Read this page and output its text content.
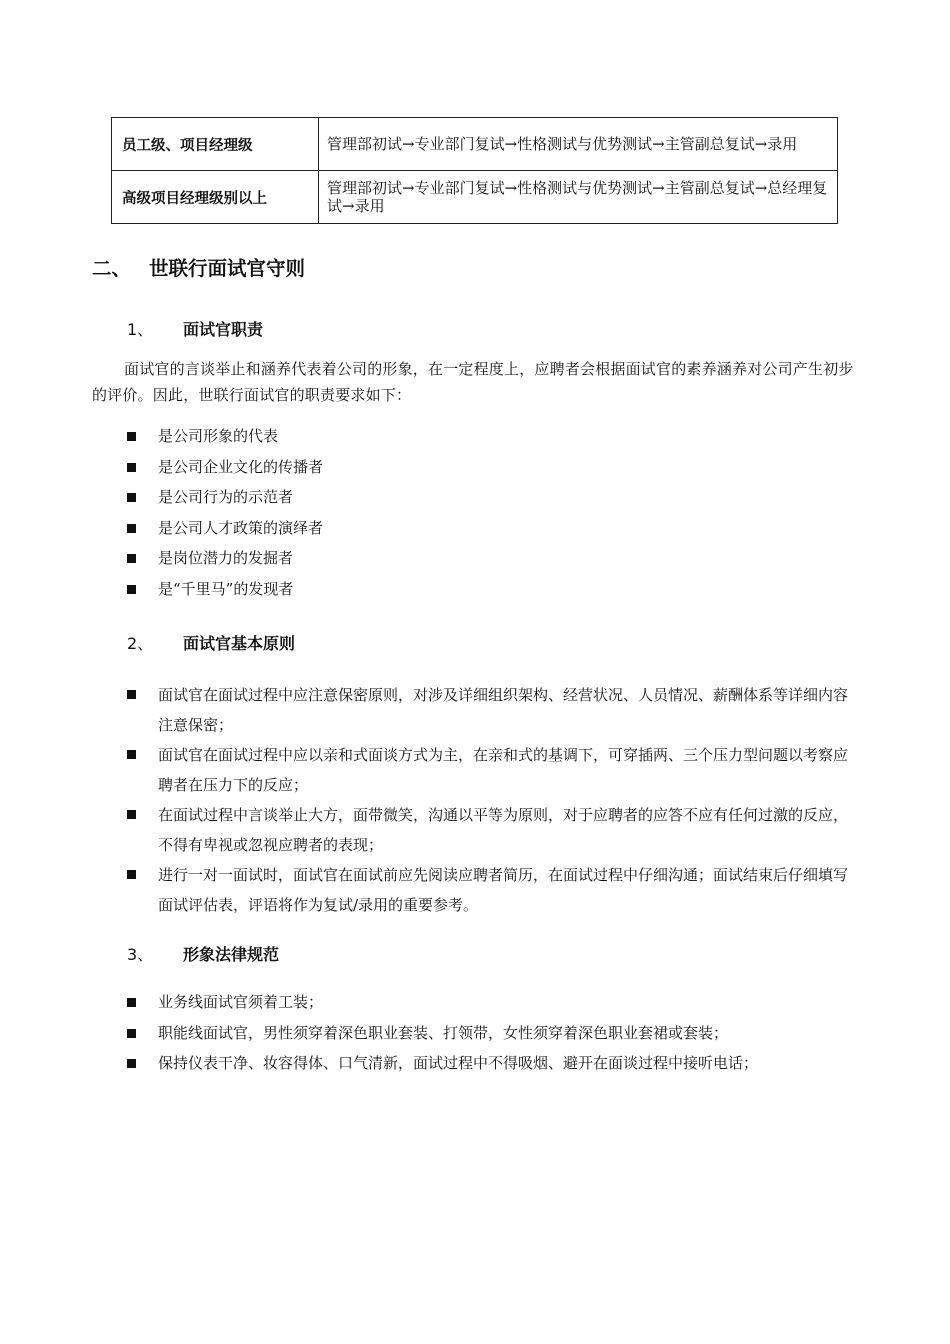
员工级、项目经理级	管理部初试→专业部门复试→性格测试与优势测试→主管副总复试→录用
高级项目经理级别以上	管理部初试→专业部门复试→性格测试与优势测试→主管副总复试→总经理复试→录用
二、 世联行面试官守则
1、 面试官职责

面试官的言谈举止和涵养代表着公司的形象，在一定程度上，应聘者会根据面试官的素养涵养对公司产生初步的评价。因此，世联行面试官的职责要求如下：

是公司形象的代表
是公司企业文化的传播者
是公司行为的示范者
是公司人才政策的演绎者
是岗位潜力的发掘者
是“千里马”的发现者
2、 面试官基本原则
面试官在面试过程中应注意保密原则，对涉及详细组织架构、经营状况、人员情况、薪酬体系等详细内容注意保密；
面试官在面试过程中应以亲和式面谈方式为主，在亲和式的基调下，可穿插两、三个压力型问题以考察应聘者在压力下的反应；
在面试过程中言谈举止大方，面带微笑，沟通以平等为原则，对于应聘者的应答不应有任何过激的反应，不得有卑视或忽视应聘者的表现；
进行一对一面试时，面试官在面试前应先阅读应聘者简历，在面试过程中仔细沟通；面试结束后仔细填写面试评估表，评语将作为复试/录用的重要参考。
3、 形象法律规范
业务线面试官须着工装；
职能线面试官，男性须穿着深色职业套装、打领带，女性须穿着深色职业套裙或套装；
保持仪表干净、妆容得体、口气清新，面试过程中不得吸烟、避开在面谈过程中接听电话；
